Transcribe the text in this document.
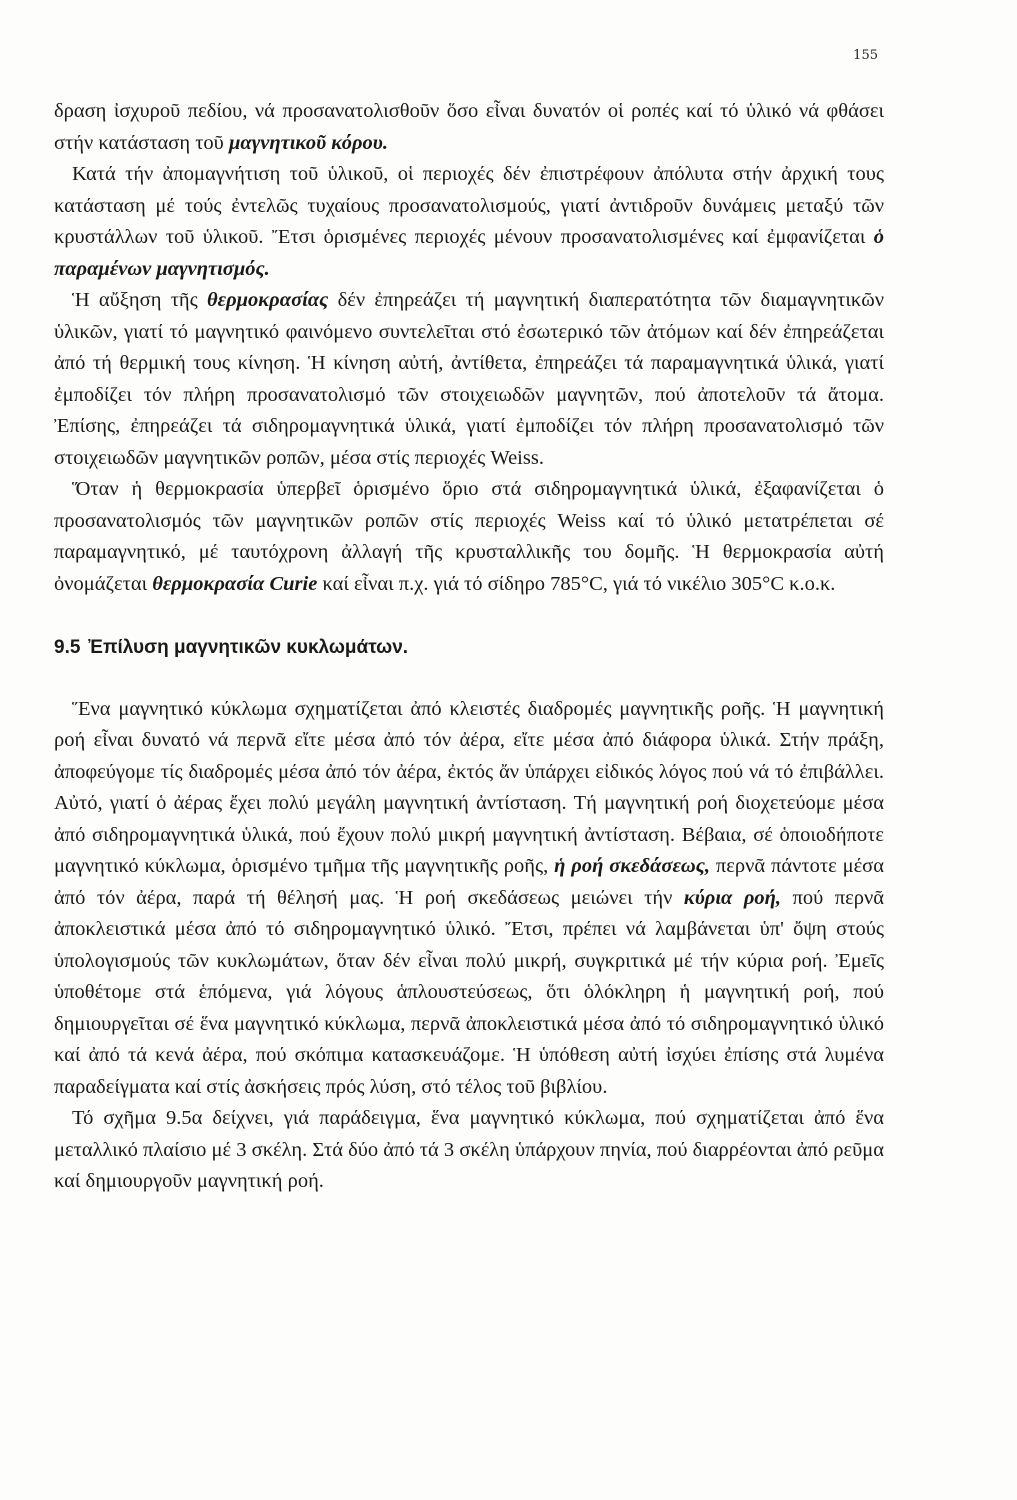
155

δραση ἰσχυροῦ πεδίου, νά προσανατολισθοῦν ὅσο εἶναι δυνατόν οἱ ροπές καί τό ὑλικό νά φθάσει στήν κατάσταση τοῦ μαγνητικοῦ κόρου.

Κατά τήν ἀπομαγνήτιση τοῦ ὑλικοῦ, οἱ περιοχές δέν ἐπιστρέφουν ἀπόλυτα στήν ἀρχική τους κατάσταση μέ τούς ἐντελῶς τυχαίους προσανατολισμούς, γιατί ἀντιδροῦν δυνάμεις μεταξύ τῶν κρυστάλλων τοῦ ὑλικοῦ. Ἔτσι ὁρισμένες περιοχές μένουν προσανατολισμένες καί ἐμφανίζεται ὁ παραμένων μαγνητισμός.

Ἡ αὔξηση τῆς θερμοκρασίας δέν ἐπηρεάζει τή μαγνητική διαπερατότητα τῶν διαμαγνητικῶν ὑλικῶν, γιατί τό μαγνητικό φαινόμενο συντελεῖται στό ἐσωτερικό τῶν ἀτόμων καί δέν ἐπηρεάζεται ἀπό τή θερμική τους κίνηση. Ἡ κίνηση αὐτή, ἀντίθετα, ἐπηρεάζει τά παραμαγνητικά ὑλικά, γιατί ἐμποδίζει τόν πλήρη προσανατολισμό τῶν στοιχειωδῶν μαγνητῶν, πού ἀποτελοῦν τά ἄτομα. Ἐπίσης, ἐπηρεάζει τά σιδηρομαγνητικά ὑλικά, γιατί ἐμποδίζει τόν πλήρη προσανατολισμό τῶν στοιχειωδῶν μαγνητικῶν ροπῶν, μέσα στίς περιοχές Weiss.

Ὅταν ἡ θερμοκρασία ὑπερβεῖ ὁρισμένο ὅριο στά σιδηρομαγνητικά ὑλικά, ἐξαφανίζεται ὁ προσανατολισμός τῶν μαγνητικῶν ροπῶν στίς περιοχές Weiss καί τό ὑλικό μετατρέπεται σέ παραμαγνητικό, μέ ταυτόχρονη ἀλλαγή τῆς κρυσταλλικῆς του δομῆς. Ἡ θερμοκρασία αὐτή ὀνομάζεται θερμοκρασία Curie καί εἶναι π.χ. γιά τό σίδηρο 785°C, γιά τό νικέλιο 305°C κ.ο.κ.

9.5 Ἐπίλυση μαγνητικῶν κυκλωμάτων.

Ἕνα μαγνητικό κύκλωμα σχηματίζεται ἀπό κλειστές διαδρομές μαγνητικῆς ροῆς. Ἡ μαγνητική ροή εἶναι δυνατό νά περνᾶ εἴτε μέσα ἀπό τόν ἀέρα, εἴτε μέσα ἀπό διάφορα ὑλικά. Στήν πράξη, ἀποφεύγομε τίς διαδρομές μέσα ἀπό τόν ἀέρα, ἐκτός ἄν ὑπάρχει εἰδικός λόγος πού νά τό ἐπιβάλλει. Αὐτό, γιατί ὁ ἀέρας ἔχει πολύ μεγάλη μαγνητική ἀντίσταση. Τή μαγνητική ροή διοχετεύομε μέσα ἀπό σιδηρομαγνητικά ὑλικά, πού ἔχουν πολύ μικρή μαγνητική ἀντίσταση. Βέβαια, σέ ὁποιοδήποτε μαγνητικό κύκλωμα, ὁρισμένο τμῆμα τῆς μαγνητικῆς ροῆς, ἡ ροή σκεδάσεως, περνᾶ πάντοτε μέσα ἀπό τόν ἀέρα, παρά τή θέλησή μας. Ἡ ροή σκεδάσεως μειώνει τήν κύρια ροή, πού περνᾶ ἀποκλειστικά μέσα ἀπό τό σιδηρομαγνητικό ὑλικό. Ἔτσι, πρέπει νά λαμβάνεται ὑπ' ὄψη στούς ὑπολογισμούς τῶν κυκλωμάτων, ὅταν δέν εἶναι πολύ μικρή, συγκριτικά μέ τήν κύρια ροή. Ἐμεῖς ὑποθέτομε στά ἑπόμενα, γιά λόγους ἁπλουστεύσεως, ὅτι ὁλόκληρη ἡ μαγνητική ροή, πού δημιουργεῖται σέ ἕνα μαγνητικό κύκλωμα, περνᾶ ἀποκλειστικά μέσα ἀπό τό σιδηρομαγνητικό ὑλικό καί ἀπό τά κενά ἀέρα, πού σκόπιμα κατασκευάζομε. Ἡ ὑπόθεση αὐτή ἰσχύει ἐπίσης στά λυμένα παραδείγματα καί στίς ἀσκήσεις πρός λύση, στό τέλος τοῦ βιβλίου.

Τό σχῆμα 9.5α δείχνει, γιά παράδειγμα, ἕνα μαγνητικό κύκλωμα, πού σχηματίζεται ἀπό ἕνα μεταλλικό πλαίσιο μέ 3 σκέλη. Στά δύο ἀπό τά 3 σκέλη ὑπάρχουν πηνία, πού διαρρέονται ἀπό ρεῦμα καί δημιουργοῦν μαγνητική ροή.
